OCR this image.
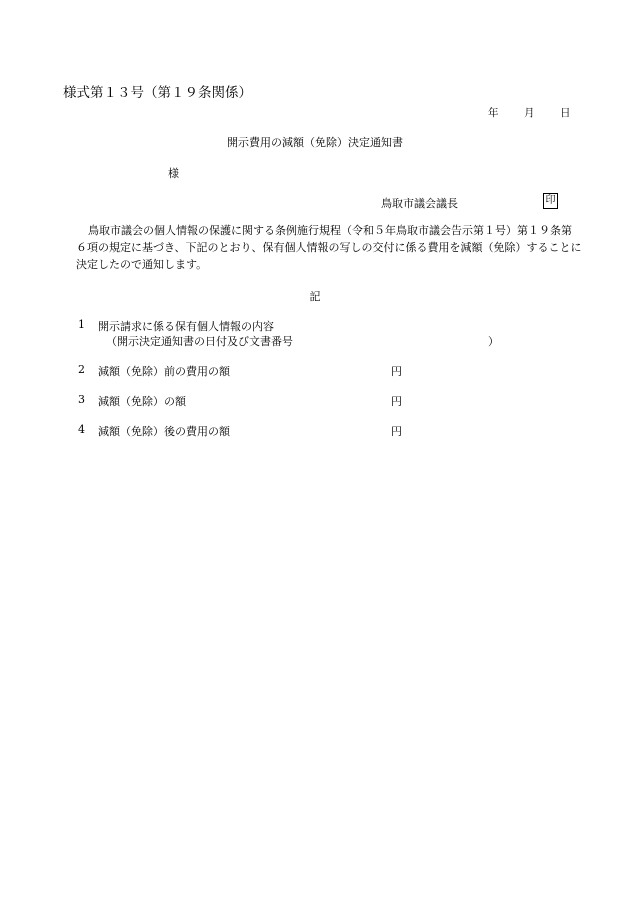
様式第１３号（第１９条関係）
年 月 日
開示費用の減額（免除）決定通知書
様
鳥取市議会議長	印
鳥取市議会の個人情報の保護に関する条例施行規程（令和５年鳥取市議会告示第１号）第１９条第６項の規定に基づき、下記のとおり、保有個人情報の写しの交付に係る費用を減額（免除）することに決定したので通知します。
記
1 開示請求に係る保有個人情報の内容
（開示決定通知書の日付及び文書番号	）
2 減額（免除）前の費用の額	円
3 減額（免除）の額	円
4 減額（免除）後の費用の額	円
